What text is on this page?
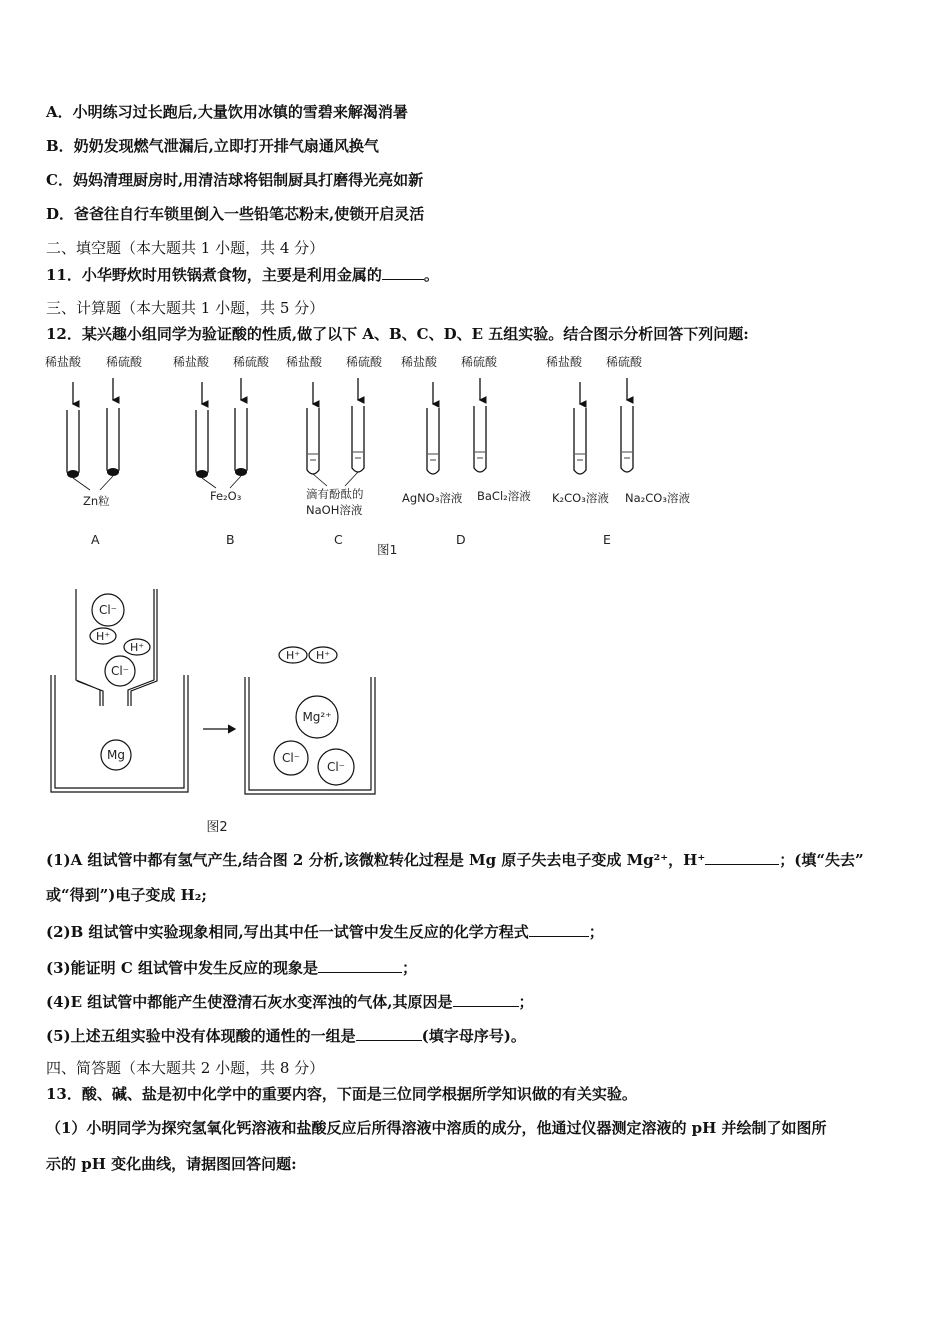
A．小明练习过长跑后,大量饮用冰镇的雪碧来解渴消暑
B．奶奶发现燃气泄漏后,立即打开排气扇通风换气
C．妈妈清理厨房时,用清洁球将铝制厨具打磨得光亮如新
D．爸爸往自行车锁里倒入一些铅笔芯粉末,使锁开启灵活
二、填空题（本大题共 1 小题，共 4 分）
11．小华野炊时用铁锅煮食物，主要是利用金属的	。
三、计算题（本大题共 1 小题，共 5 分）
12．某兴趣小组同学为验证酸的性质,做了以下 A、B、C、D、E 五组实验。结合图示分析回答下列问题:
稀盐酸 稀硫酸	稀盐酸 稀硫酸 稀盐酸 稀硫酸 稀盐酸 稀硫酸	稀盐酸 稀硫酸
Zn粒	Fe₂O₃	滴有酚酞的
NaOH溶液
AgNO₃溶液 BaCl₂溶液 K₂CO₃溶液 Na₂CO₃溶液
A	B	C	D	E
图1
Cl⁻
H⁺
H⁺
Cl⁻
Mg
H⁺ H⁺
Mg²⁺
Cl⁻
Cl⁻
图2
(1)A 组试管中都有氢气产生,结合图 2 分析,该微粒转化过程是 Mg 原子失去电子变成 Mg²⁺，H⁺	；(填“失去”
或“得到”)电子变成 H₂;
(2)B 组试管中实验现象相同,写出其中任一试管中发生反应的化学方程式	；
(3)能证明 C 组试管中发生反应的现象是	；
(4)E 组试管中都能产生使澄清石灰水变浑浊的气体,其原因是	；
(5)上述五组实验中没有体现酸的通性的一组是	(填字母序号)。
四、简答题（本大题共 2 小题，共 8 分）
13．酸、碱、盐是初中化学中的重要内容，下面是三位同学根据所学知识做的有关实验。
（1）小明同学为探究氢氧化钙溶液和盐酸反应后所得溶液中溶质的成分，他通过仪器测定溶液的 pH 并绘制了如图所
示的 pH 变化曲线，请据图回答问题:
